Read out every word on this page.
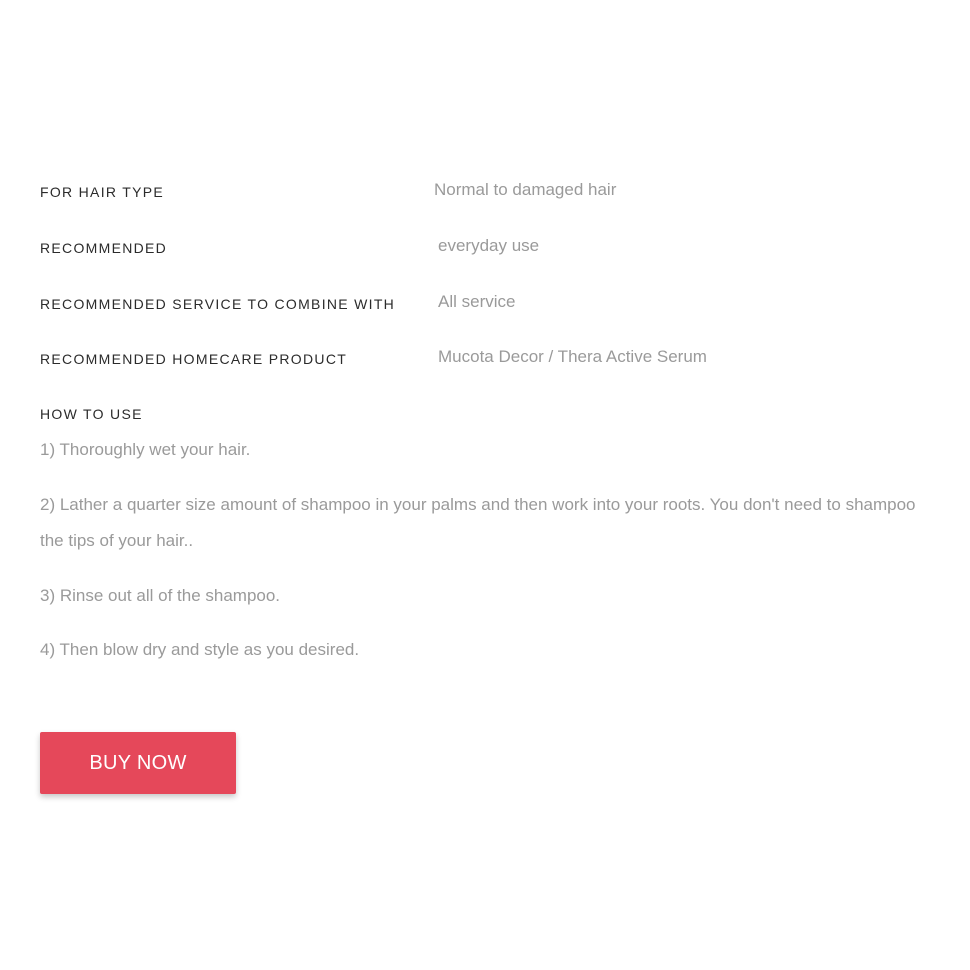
FOR HAIR TYPE	Normal to damaged hair
RECOMMENDED	everyday use
RECOMMENDED SERVICE TO COMBINE WITH	All service
RECOMMENDED HOMECARE PRODUCT	Mucota Decor / Thera Active Serum
HOW TO USE
1) Thoroughly wet your hair.
2) Lather a quarter size amount of shampoo in your palms and then work into your roots. You don't need to shampoo the tips of your hair..
3) Rinse out all of the shampoo.
4) Then blow dry and style as you desired.
BUY NOW
